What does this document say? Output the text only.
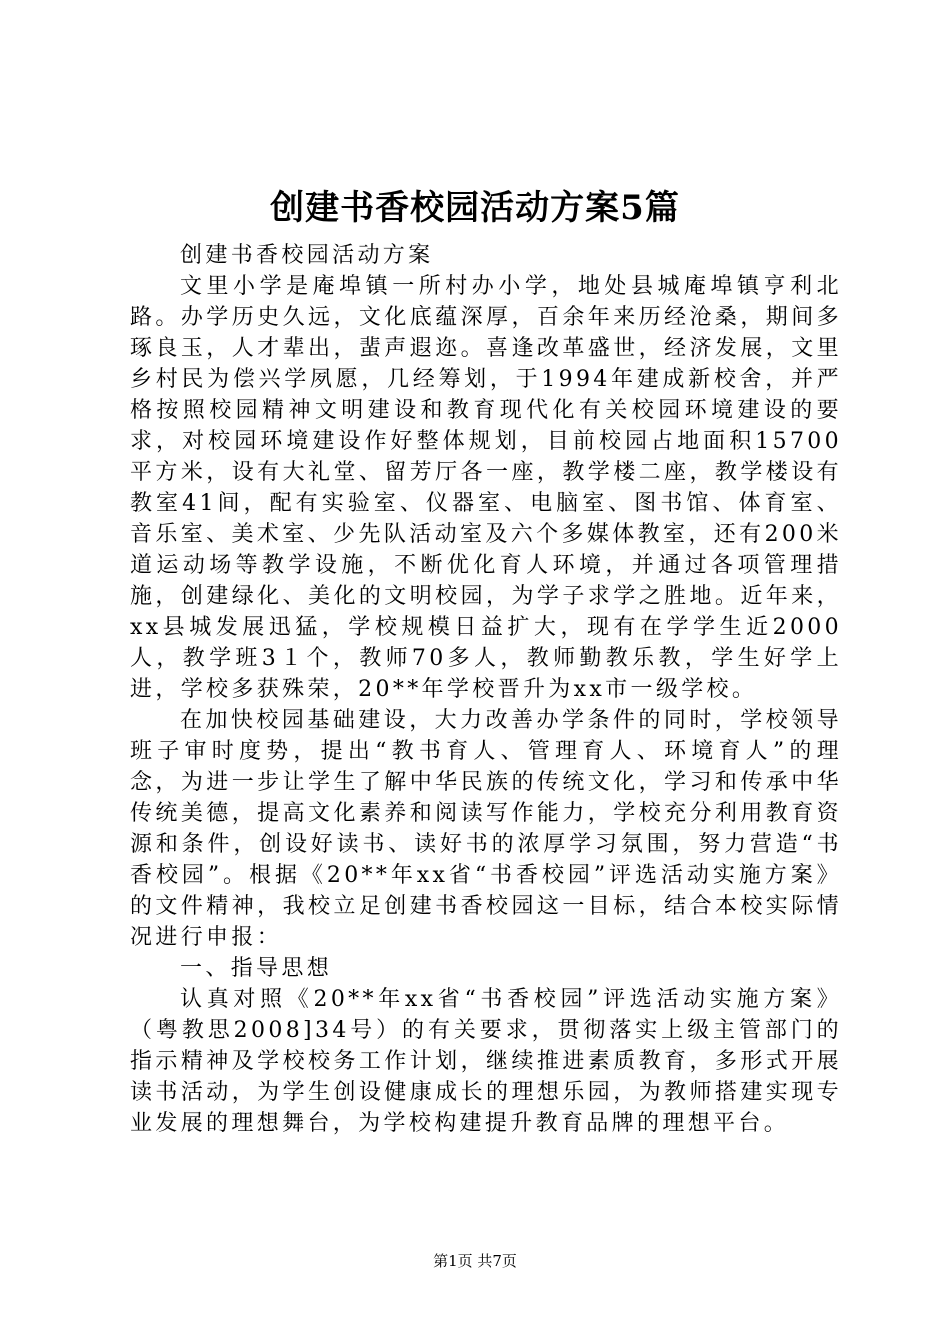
创建书香校园活动方案5篇

创建书香校园活动方案

文里小学是庵埠镇一所村办小学，地处县城庵埠镇亨利北路。办学历史久远，文化底蕴深厚，百余年来历经沧桑，期间多琢良玉，人才辈出，蜚声遐迩。喜逢改革盛世，经济发展，文里乡村民为偿兴学夙愿，几经筹划，于1994年建成新校舍，并严格按照校园精神文明建设和教育现代化有关校园环境建设的要求，对校园环境建设作好整体规划，目前校园占地面积15700平方米，设有大礼堂、留芳厅各一座，教学楼二座，教学楼设有教室41间，配有实验室、仪器室、电脑室、图书馆、体育室、音乐室、美术室、少先队活动室及六个多媒体教室，还有200米道运动场等教学设施，不断优化育人环境，并通过各项管理措施，创建绿化、美化的文明校园，为学子求学之胜地。近年来，xx县城发展迅猛，学校规模日益扩大，现有在学学生近2000人，教学班3１个，教师70多人，教师勤教乐教，学生好学上进，学校多获殊荣，20**年学校晋升为xx市一级学校。

在加快校园基础建设，大力改善办学条件的同时，学校领导班子审时度势，提出“教书育人、管理育人、环境育人”的理念，为进一步让学生了解中华民族的传统文化，学习和传承中华传统美德，提高文化素养和阅读写作能力，学校充分利用教育资源和条件，创设好读书、读好书的浓厚学习氛围，努力营造“书香校园”。根据《20**年xx省“书香校园”评选活动实施方案》的文件精神，我校立足创建书香校园这一目标，结合本校实际情况进行申报：

一、指导思想

认真对照《20**年xx省“书香校园”评选活动实施方案》（粤教思2008]34号）的有关要求，贯彻落实上级主管部门的指示精神及学校校务工作计划，继续推进素质教育，多形式开展读书活动，为学生创设健康成长的理想乐园，为教师搭建实现专业发展的理想舞台，为学校构建提升教育品牌的理想平台。

第1页 共7页
